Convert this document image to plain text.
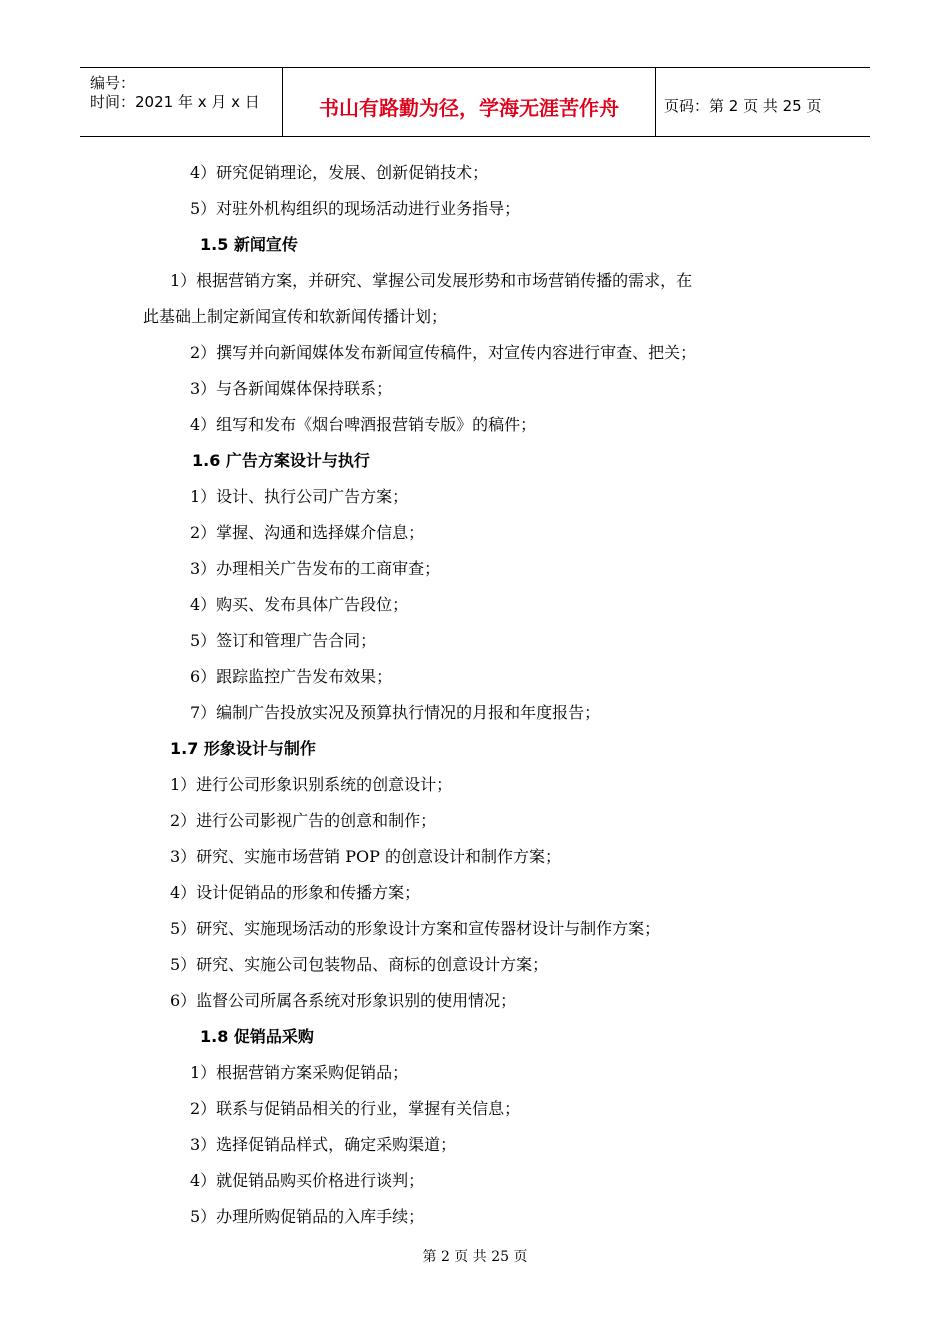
编号：
时间：2021 年 x 月 x 日	书山有路勤为径，学海无涯苦作舟	页码：第 2 页 共 25 页
4）研究促销理论，发展、创新促销技术；
5）对驻外机构组织的现场活动进行业务指导；
1.5 新闻宣传
1）根据营销方案，并研究、掌握公司发展形势和市场营销传播的需求，在
此基础上制定新闻宣传和软新闻传播计划；
2）撰写并向新闻媒体发布新闻宣传稿件，对宣传内容进行审查、把关；
3）与各新闻媒体保持联系；
4）组写和发布《烟台啤酒报营销专版》的稿件；
1.6 广告方案设计与执行
1）设计、执行公司广告方案；
2）掌握、沟通和选择媒介信息；
3）办理相关广告发布的工商审查；
4）购买、发布具体广告段位；
5）签订和管理广告合同；
6）跟踪监控广告发布效果；
7）编制广告投放实况及预算执行情况的月报和年度报告；
1.7 形象设计与制作
1）进行公司形象识别系统的创意设计；
2）进行公司影视广告的创意和制作；
3）研究、实施市场营销 POP 的创意设计和制作方案；
4）设计促销品的形象和传播方案；
5）研究、实施现场活动的形象设计方案和宣传器材设计与制作方案；
5）研究、实施公司包装物品、商标的创意设计方案；
6）监督公司所属各系统对形象识别的使用情况；
1.8 促销品采购
1）根据营销方案采购促销品；
2）联系与促销品相关的行业，掌握有关信息；
3）选择促销品样式，确定采购渠道；
4）就促销品购买价格进行谈判；
5）办理所购促销品的入库手续；
第 2 页 共 25 页
